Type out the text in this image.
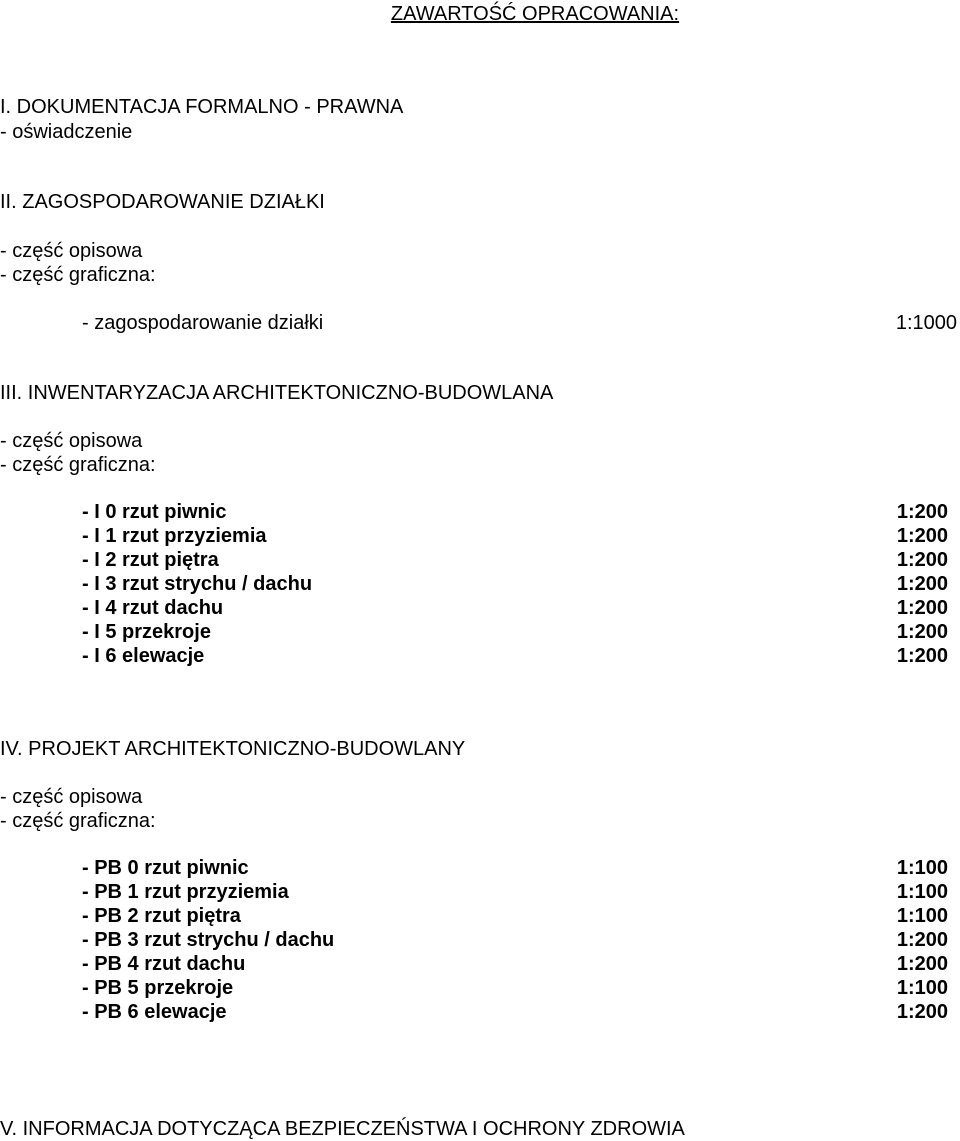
ZAWARTOŚĆ OPRACOWANIA:
I. DOKUMENTACJA FORMALNO - PRAWNA
- oświadczenie
II. ZAGOSPODAROWANIE DZIAŁKI
- część opisowa
- część graficzna:
- zagospodarowanie działki	1:1000
III. INWENTARYZACJA ARCHITEKTONICZNO-BUDOWLANA
- część opisowa
- część graficzna:
- I 0 rzut piwnic	1:200
- I 1 rzut przyziemia	1:200
- I 2 rzut piętra	1:200
- I 3 rzut strychu / dachu	1:200
- I 4 rzut dachu	1:200
- I 5 przekroje	1:200
- I 6 elewacje	1:200
IV. PROJEKT ARCHITEKTONICZNO-BUDOWLANY
- część opisowa
- część graficzna:
- PB 0 rzut piwnic	1:100
- PB 1 rzut przyziemia	1:100
- PB 2 rzut piętra	1:100
- PB 3 rzut strychu / dachu	1:200
- PB 4 rzut dachu	1:200
- PB 5 przekroje	1:100
- PB 6 elewacje	1:200
V. INFORMACJA DOTYCZĄCA BEZPIECZEŃSTWA I OCHRONY ZDROWIA
